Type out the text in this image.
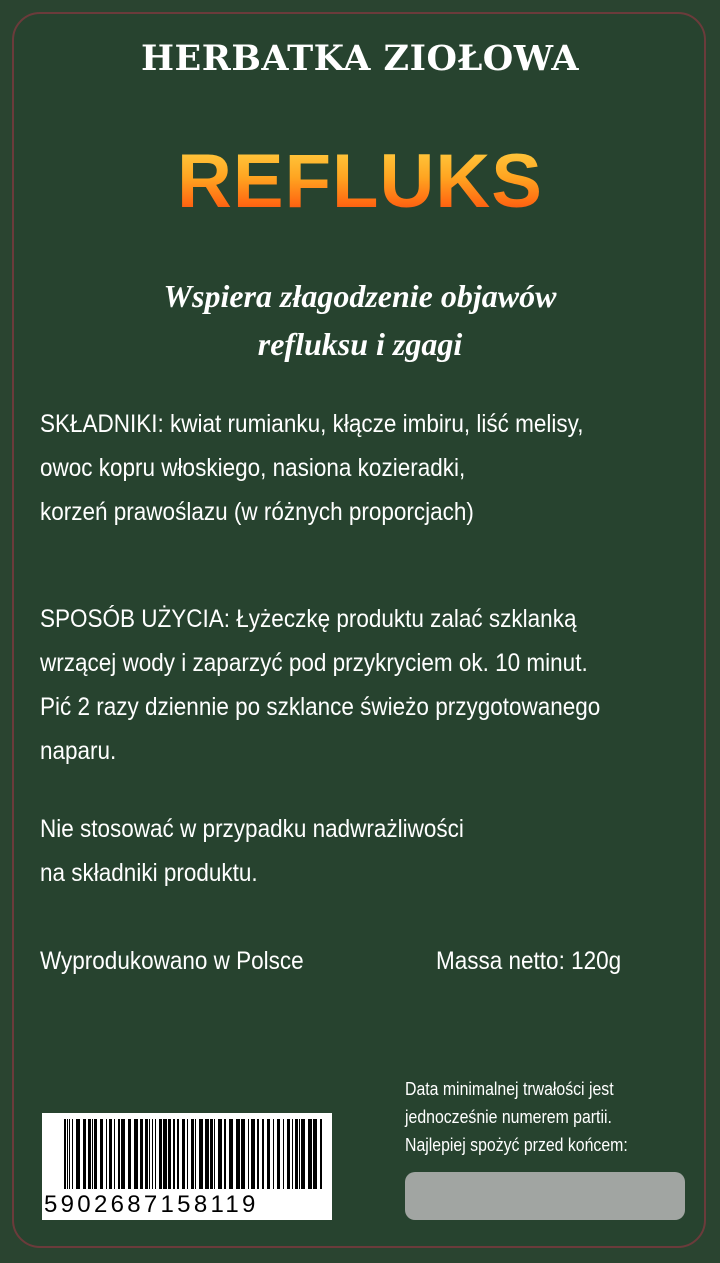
HERBATKA ZIOŁOWA
REFLUKS
Wspiera złagodzenie objawów
refluksu i zgagi
SKŁADNIKI: kwiat rumianku, kłącze imbiru, liść melisy,
owoc kopru włoskiego, nasiona kozieradki,
korzeń prawoślazu (w różnych proporcjach)
SPOSÓB UŻYCIA: Łyżeczkę produktu zalać szklanką
wrzącej wody i zaparzyć pod przykryciem ok. 10 minut.
Pić 2 razy dziennie po szklance świeżo przygotowanego
naparu.
Nie stosować w przypadku nadwrażliwości
na składniki produktu.
Wyprodukowano w Polsce	Massa netto: 120g
5902687158119
Data minimalnej trwałości jest
jednocześnie numerem partii.
Najlepiej spożyć przed końcem:
